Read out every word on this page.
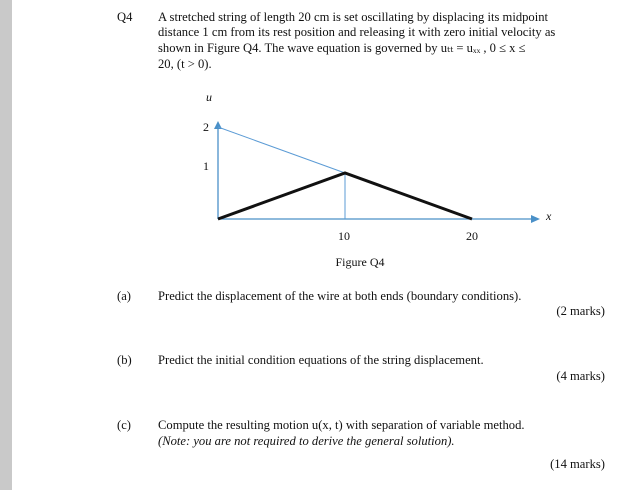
Q4 A stretched string of length 20 cm is set oscillating by displacing its midpoint
distance 1 cm from its rest position and releasing it with zero initial velocity as
shown in Figure Q4. The wave equation is governed by uₜₜ = uₓₓ , 0 ≤ x ≤
20, (t > 0).
u
2
1
x
10	20
Figure Q4
(a) Predict the displacement of the wire at both ends (boundary conditions).
(2 marks)
(b) Predict the initial condition equations of the string displacement.
(4 marks)
(c) Compute the resulting motion u(x, t) with separation of variable method.
(Note: you are not required to derive the general solution).
(14 marks)
